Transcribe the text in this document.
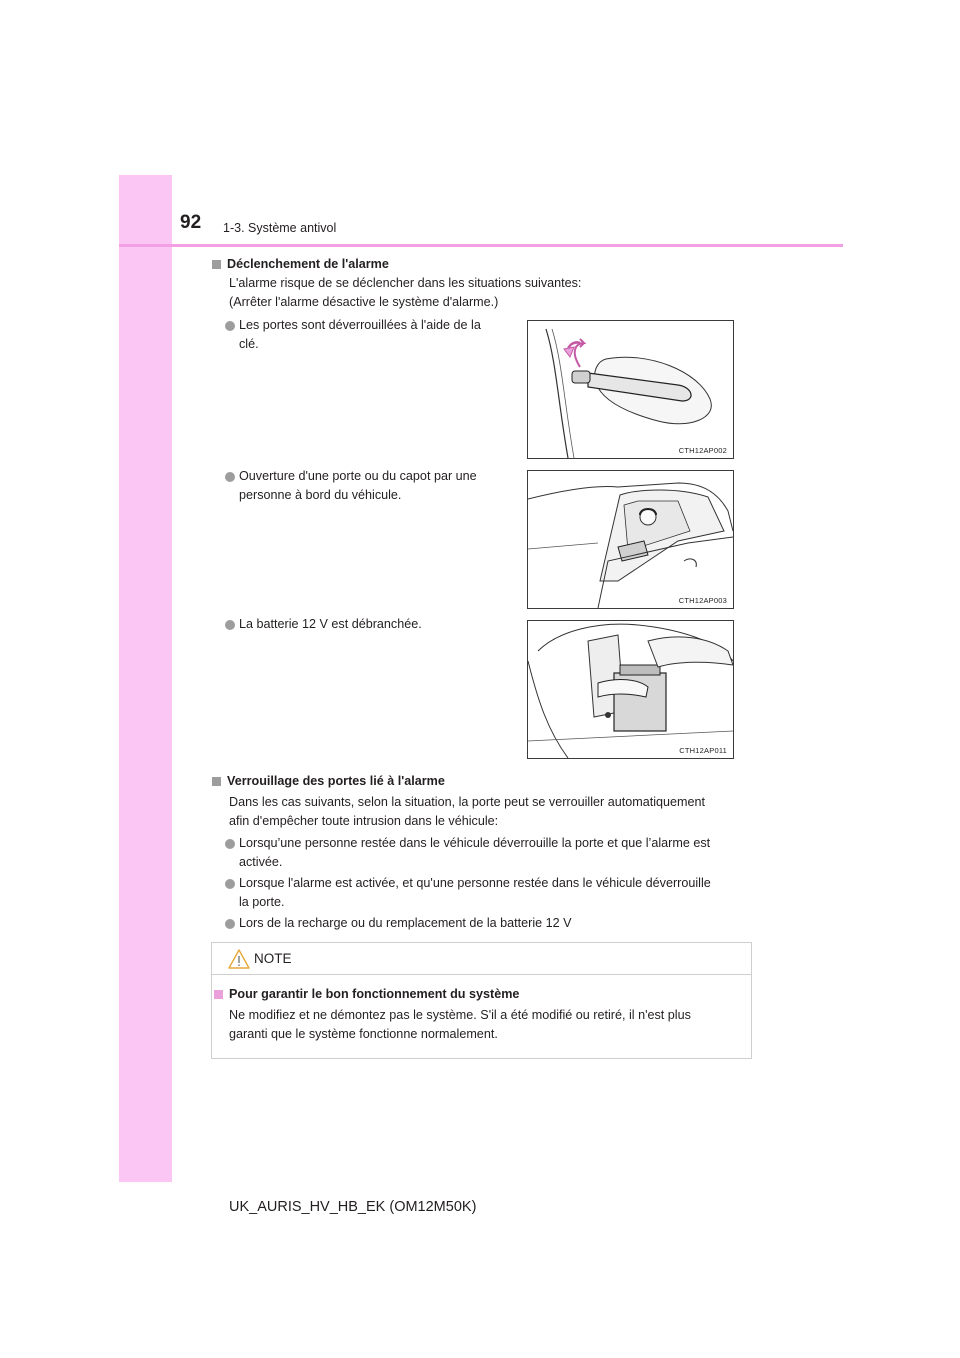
92 1-3. Système antivol
Déclenchement de l'alarme
L'alarme risque de se déclencher dans les situations suivantes:
(Arrêter l'alarme désactive le système d'alarme.)
Les portes sont déverrouillées à l'aide de la
clé.
CTH12AP002
Ouverture d'une porte ou du capot par une
personne à bord du véhicule.
CTH12AP003
La batterie 12 V est débranchée.
CTH12AP011
Verrouillage des portes lié à l'alarme
Dans les cas suivants, selon la situation, la porte peut se verrouiller automatiquement
afin d'empêcher toute intrusion dans le véhicule:
Lorsqu’une personne restée dans le véhicule déverrouille la porte et que l’alarme est
activée.
Lorsque l'alarme est activée, et qu'une personne restée dans le véhicule déverrouille
la porte.
Lors de la recharge ou du remplacement de la batterie 12 V
NOTE
Pour garantir le bon fonctionnement du système
Ne modifiez et ne démontez pas le système. S'il a été modifié ou retiré, il n'est plus
garanti que le système fonctionne normalement.
UK_AURIS_HV_HB_EK (OM12M50K)
